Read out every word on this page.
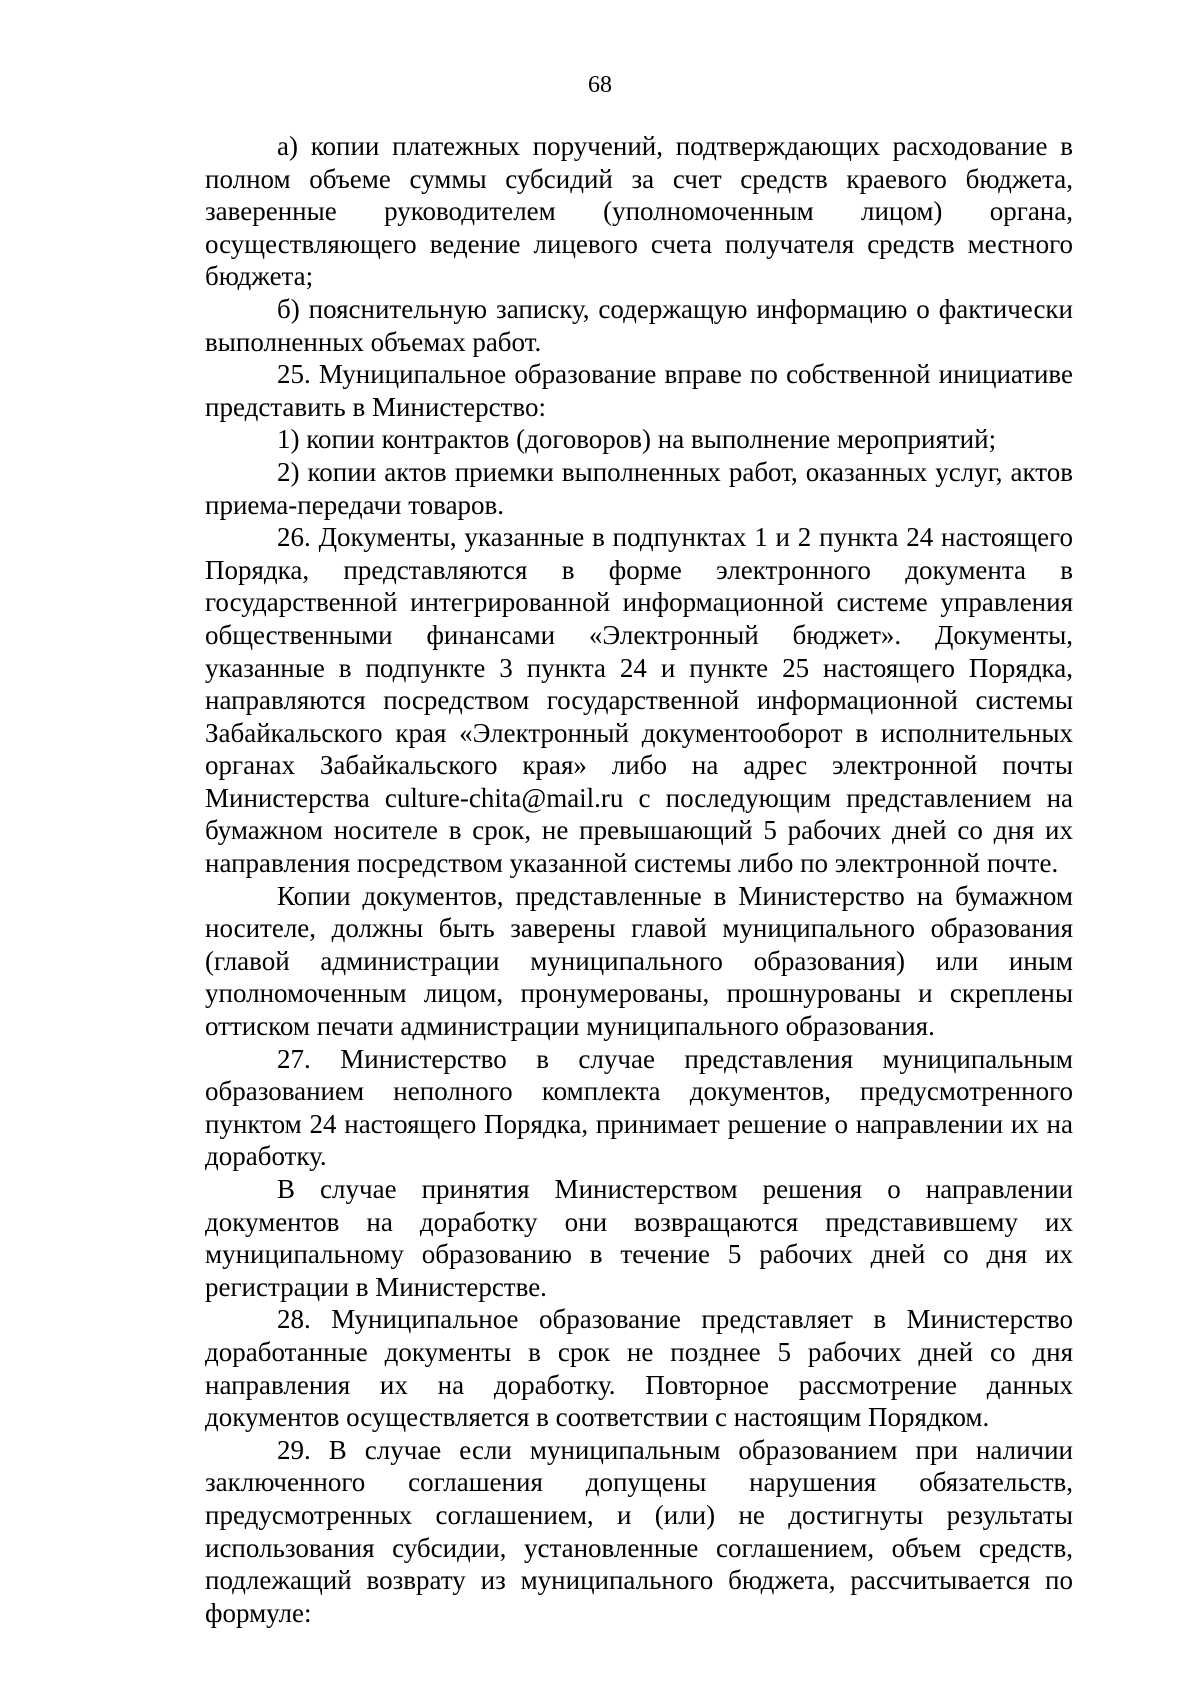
68

а) копии платежных поручений, подтверждающих расходование в полном объеме суммы субсидий за счет средств краевого бюджета, заверенные руководителем (уполномоченным лицом) органа, осуществляющего ведение лицевого счета получателя средств местного бюджета;

б) пояснительную записку, содержащую информацию о фактически выполненных объемах работ.

25. Муниципальное образование вправе по собственной инициативе представить в Министерство:

1) копии контрактов (договоров) на выполнение мероприятий;

2) копии актов приемки выполненных работ, оказанных услуг, актов приема-передачи товаров.

26. Документы, указанные в подпунктах 1 и 2 пункта 24 настоящего Порядка, представляются в форме электронного документа в государственной интегрированной информационной системе управления общественными финансами «Электронный бюджет». Документы, указанные в подпункте 3 пункта 24 и пункте 25 настоящего Порядка, направляются посредством государственной информационной системы Забайкальского края «Электронный документооборот в исполнительных органах Забайкальского края» либо на адрес электронной почты Министерства culture-chita@mail.ru с последующим представлением на бумажном носителе в срок, не превышающий 5 рабочих дней со дня их направления посредством указанной системы либо по электронной почте.

Копии документов, представленные в Министерство на бумажном носителе, должны быть заверены главой муниципального образования (главой администрации муниципального образования) или иным уполномоченным лицом, пронумерованы, прошнурованы и скреплены оттиском печати администрации муниципального образования.

27. Министерство в случае представления муниципальным образованием неполного комплекта документов, предусмотренного пунктом 24 настоящего Порядка, принимает решение о направлении их на доработку.

В случае принятия Министерством решения о направлении документов на доработку они возвращаются представившему их муниципальному образованию в течение 5 рабочих дней со дня их регистрации в Министерстве.

28. Муниципальное образование представляет в Министерство доработанные документы в срок не позднее 5 рабочих дней со дня направления их на доработку. Повторное рассмотрение данных документов осуществляется в соответствии с настоящим Порядком.

29. В случае если муниципальным образованием при наличии заключенного соглашения допущены нарушения обязательств, предусмотренных соглашением, и (или) не достигнуты результаты использования субсидии, установленные соглашением, объем средств, подлежащий возврату из муниципального бюджета, рассчитывается по формуле:
